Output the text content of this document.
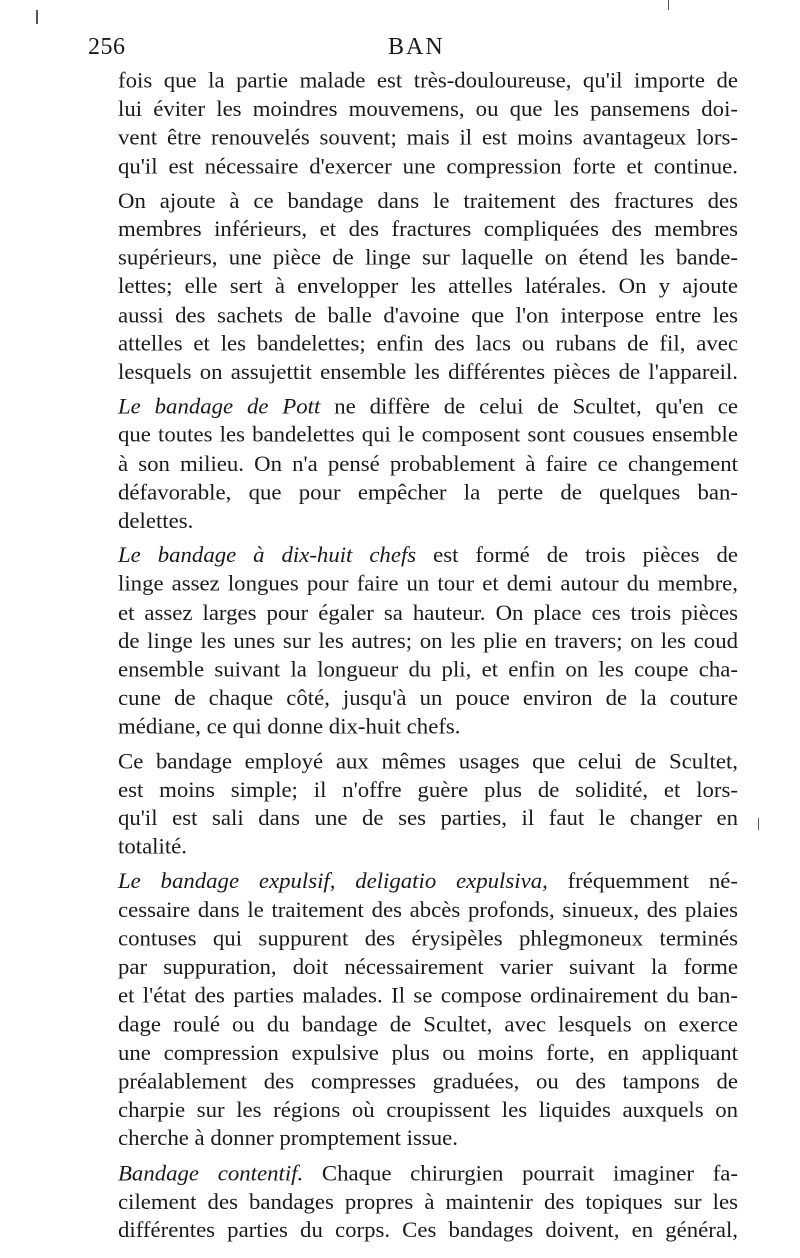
256	BAN
fois que la partie malade est très-douloureuse, qu'il importe de
lui éviter les moindres mouvemens, ou que les pansemens doi-
vent être renouvelés souvent; mais il est moins avantageux lors-
qu'il est nécessaire d'exercer une compression forte et continue.
On ajoute à ce bandage dans le traitement des fractures des
membres inférieurs, et des fractures compliquées des membres
supérieurs, une pièce de linge sur laquelle on étend les bande-
lettes; elle sert à envelopper les attelles latérales. On y ajoute
aussi des sachets de balle d'avoine que l'on interpose entre les
attelles et les bandelettes; enfin des lacs ou rubans de fil, avec
lesquels on assujettit ensemble les différentes pièces de l'appareil.
Le bandage de Pott ne diffère de celui de Scultet, qu'en ce
que toutes les bandelettes qui le composent sont cousues ensemble
à son milieu. On n'a pensé probablement à faire ce changement
défavorable, que pour empêcher la perte de quelques ban-
delettes.
Le bandage à dix-huit chefs est formé de trois pièces de
linge assez longues pour faire un tour et demi autour du membre,
et assez larges pour égaler sa hauteur. On place ces trois pièces
de linge les unes sur les autres; on les plie en travers; on les coud
ensemble suivant la longueur du pli, et enfin on les coupe cha-
cune de chaque côté, jusqu'à un pouce environ de la couture
médiane, ce qui donne dix-huit chefs.
Ce bandage employé aux mêmes usages que celui de Scultet,
est moins simple; il n'offre guère plus de solidité, et lors-
qu'il est sali dans une de ses parties, il faut le changer en
totalité.
Le bandage expulsif, deligatio expulsiva, fréquemment né-
cessaire dans le traitement des abcès profonds, sinueux, des plaies
contuses qui suppurent des érysipèles phlegmoneux terminés
par suppuration, doit nécessairement varier suivant la forme
et l'état des parties malades. Il se compose ordinairement du ban-
dage roulé ou du bandage de Scultet, avec lesquels on exerce
une compression expulsive plus ou moins forte, en appliquant
préalablement des compresses graduées, ou des tampons de
charpie sur les régions où croupissent les liquides auxquels on
cherche à donner promptement issue.
Bandage contentif. Chaque chirurgien pourrait imaginer fa-
cilement des bandages propres à maintenir des topiques sur les
différentes parties du corps. Ces bandages doivent, en général,
